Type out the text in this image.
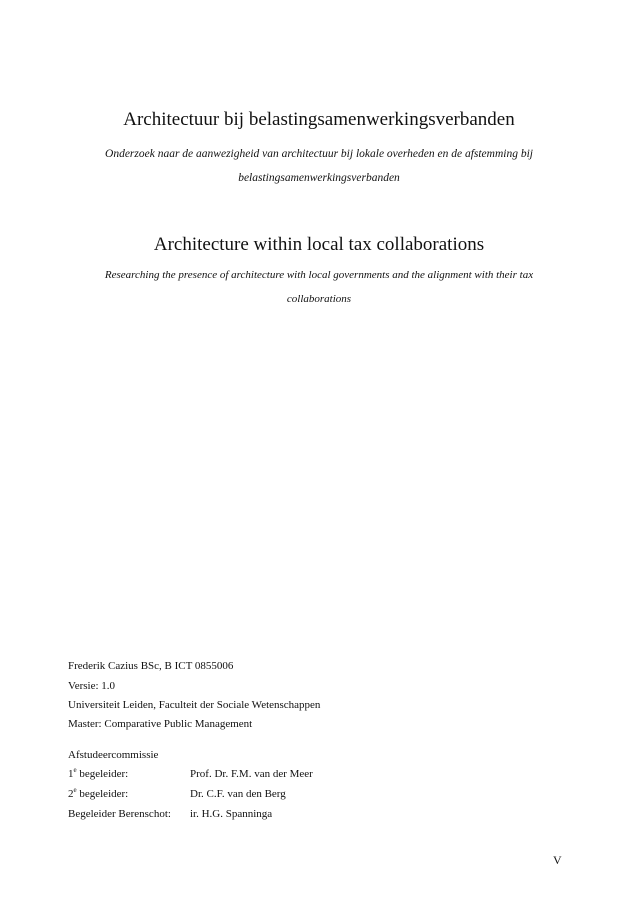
Architectuur bij belastingsamenwerkingsverbanden
Onderzoek naar de aanwezigheid van architectuur bij lokale overheden en de afstemming bij belastingsamenwerkingsverbanden
Architecture within local tax collaborations
Researching the presence of architecture with local governments and the alignment with their tax collaborations
Frederik Cazius BSc, B ICT 0855006
Versie: 1.0
Universiteit Leiden, Faculteit der Sociale Wetenschappen
Master: Comparative Public Management
Afstudeercommissie
1e begeleider:	Prof. Dr. F.M. van der Meer
2e begeleider:	Dr. C.F. van den Berg
Begeleider Berenschot:	ir. H.G. Spanninga
V
